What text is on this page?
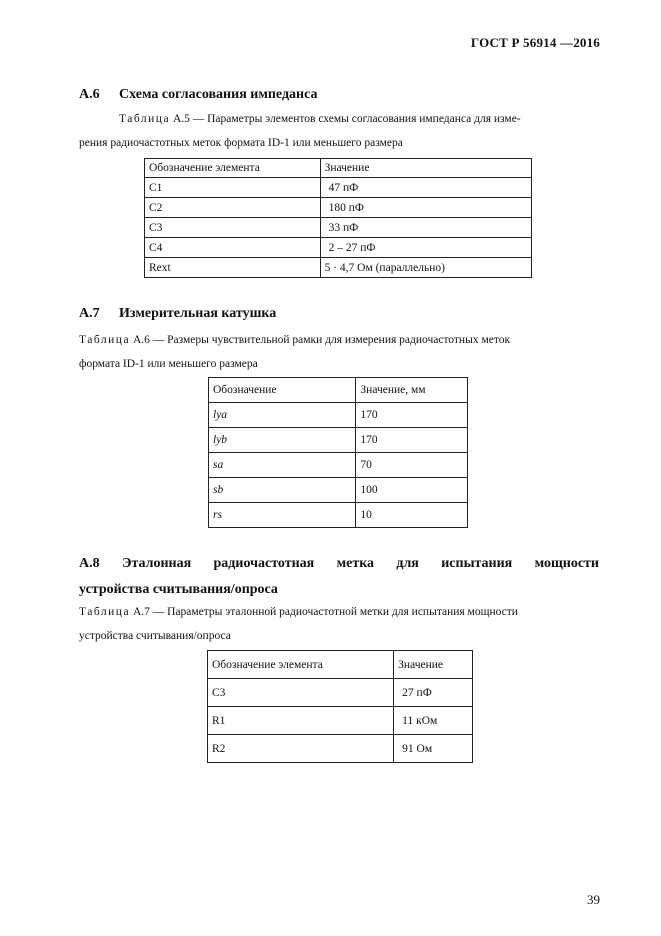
ГОСТ Р 56914 —2016
А.6 Схема согласования импеданса
Таблица А.5 — Параметры элементов схемы согласования импеданса для изме-
рения радиочастотных меток формата ID-1 или меньшего размера
Обозначение элемента	Значение
C1	47 пФ
C2	180 пФ
C3	33 пФ
C4	2 – 27 пФ
Rext	5 · 4,7 Ом (параллельно)
А.7 Измерительная катушка
Таблица А.6 — Размеры чувствительной рамки для измерения радиочастотных меток
формата ID-1 или меньшего размера
Обозначение	Значение, мм
lya	170
lyb	170
sa	70
sb	100
rs	10
А.8 Эталонная радиочастотная метка для испытания мощности
устройства считывания/опроса
Таблица А.7 — Параметры эталонной радиочастотной метки для испытания мощности
устройства считывания/опроса
Обозначение элемента	Значение
C3	27 пФ
R1	11 кОм
R2	91 Ом
39
